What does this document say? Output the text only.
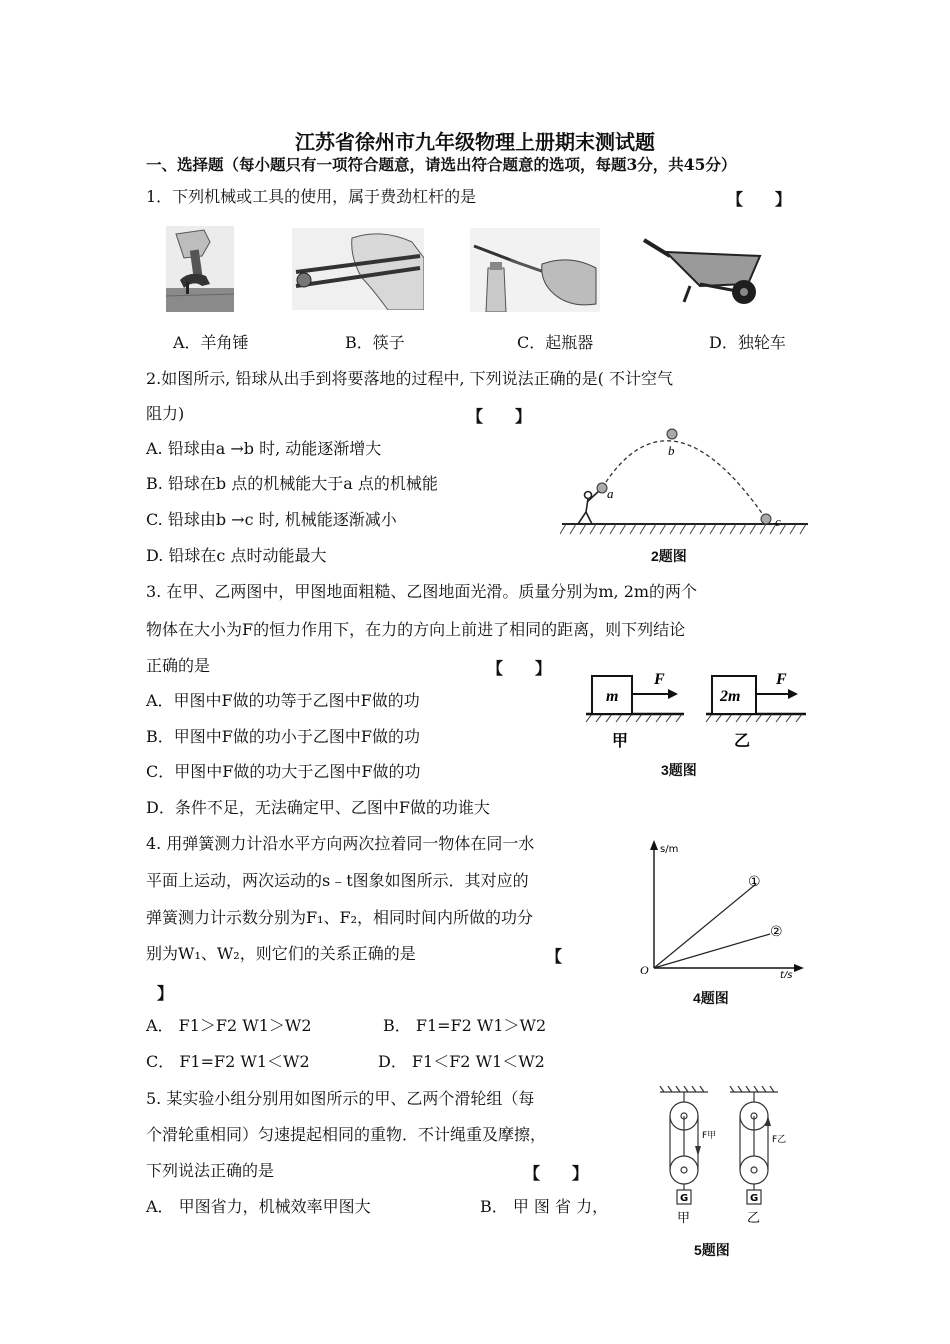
江苏省徐州市九年级物理上册期末测试题
一、选择题（每小题只有一项符合题意，请选出符合题意的选项，每题3分，共45分）
1．下列机械或工具的使用，属于费劲杠杆的是	【　　】
A．羊角锤	B．筷子	C．起瓶器	D．独轮车
2.如图所示, 铅球从出手到将要落地的过程中, 下列说法正确的是( 不计空气
阻力)	【　　】
A. 铅球由a →b 时, 动能逐渐增大
B. 铅球在b 点的机械能大于a 点的机械能
C. 铅球由b →c 时, 机械能逐渐减小
D. 铅球在c 点时动能最大
a
b
c
2题图
3. 在甲、乙两图中，甲图地面粗糙、乙图地面光滑。质量分别为m, 2m的两个
物体在大小为F的恒力作用下，在力的方向上前进了相同的距离，则下列结论
正确的是	【　　】
A．甲图中F做的功等于乙图中F做的功
B．甲图中F做的功小于乙图中F做的功
C．甲图中F做的功大于乙图中F做的功
D．条件不足，无法确定甲、乙图中F做的功谁大
m	2m
F	F
甲	乙
3题图
4. 用弹簧测力计沿水平方向两次拉着同一物体在同一水
平面上运动，两次运动的s﹣t图象如图所示．其对应的
弹簧测力计示数分别为F₁、F₂，相同时间内所做的功分
别为W₁、W₂，则它们的关系正确的是	【
】
A． F1＞F2 W1＞W2	B． F1=F2 W1＞W2
C． F1=F2 W1＜W2	D． F1＜F2 W1＜W2
s/m
t/s
O
①
②
4题图
5. 某实验小组分别用如图所示的甲、乙两个滑轮组（每
个滑轮重相同）匀速提起相同的重物．不计绳重及摩擦，
下列说法正确的是	【　　】
A． 甲图省力，机械效率甲图大	B． 甲 图 省 力，
F甲	F乙
G	G
甲	乙
5题图
